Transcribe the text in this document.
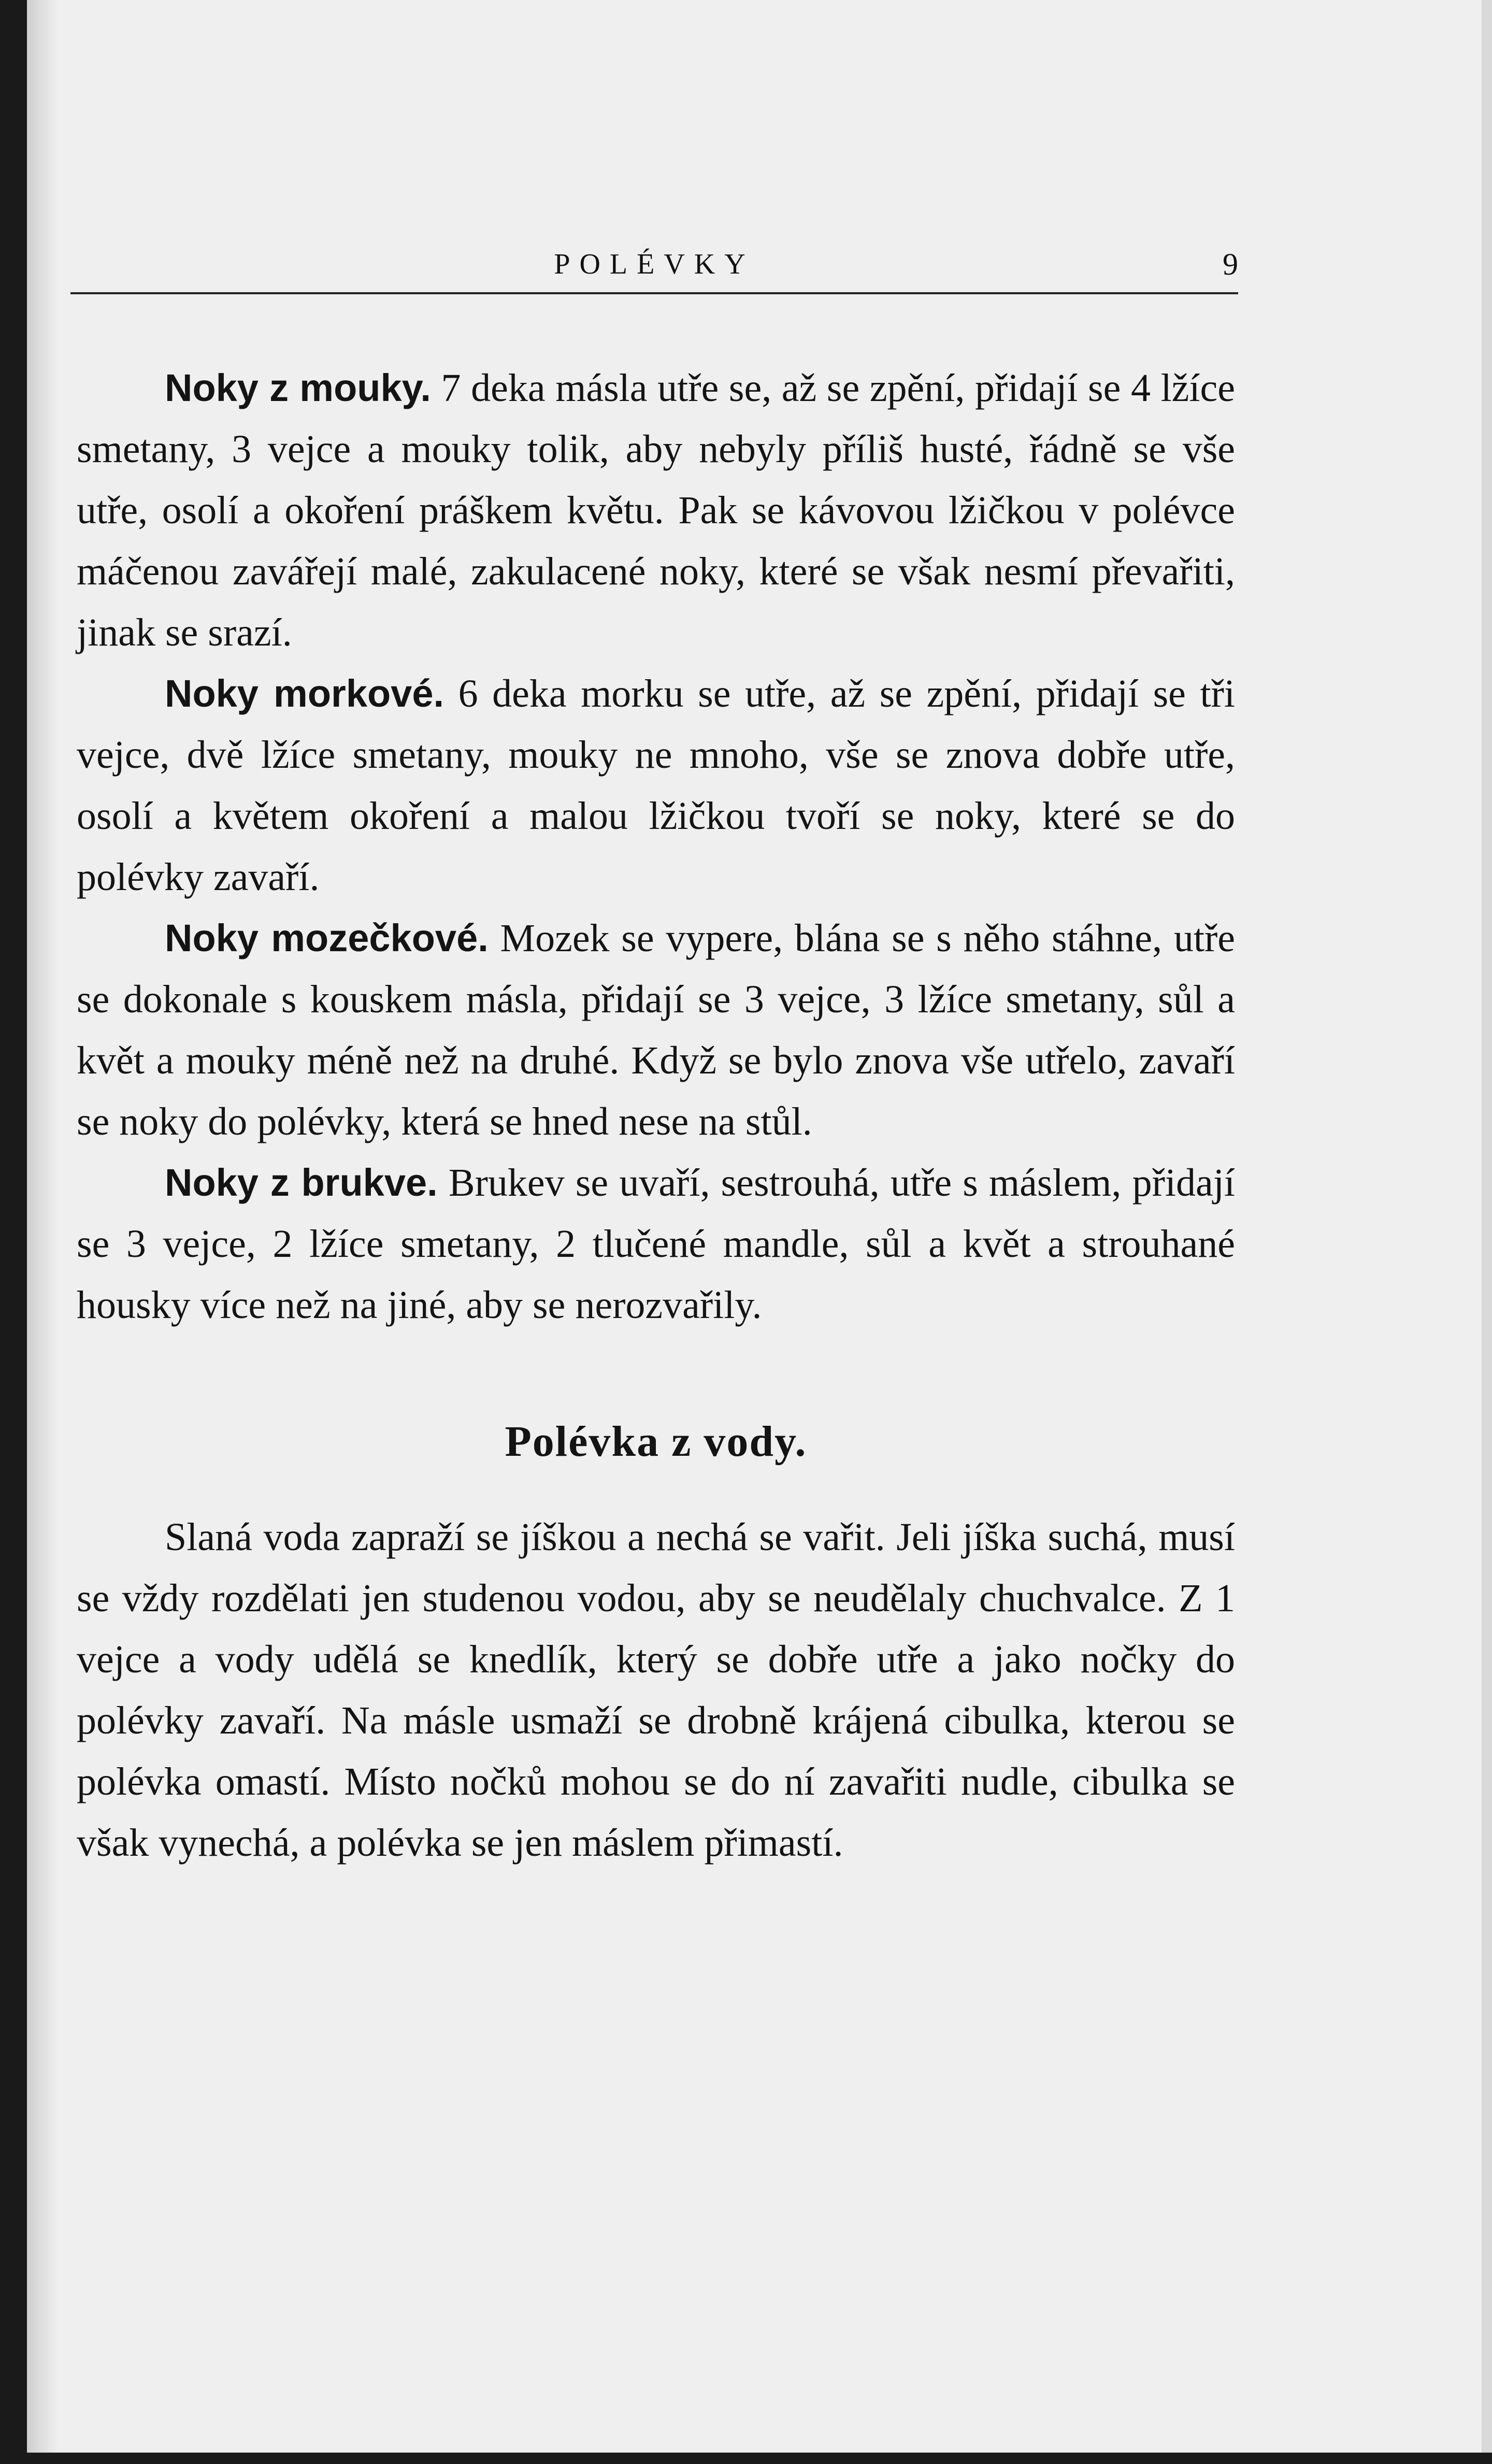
POLÉVKY	9

Noky z mouky. 7 deka másla utře se, až se zpění, přidají se 4 lžíce smetany, 3 vejce a mouky tolik, aby nebyly příliš husté, řádně se vše utře, osolí a okoření práškem květu. Pak se kávovou lžičkou v polévce máčenou zavářejí malé, zakulacené noky, které se však nesmí převařiti, jinak se srazí.

Noky morkové. 6 deka morku se utře, až se zpění, přidají se tři vejce, dvě lžíce smetany, mouky ne mnoho, vše se znova dobře utře, osolí a květem okoření a malou lžičkou tvoří se noky, které se do polévky zavaří.

Noky mozečkové. Mozek se vypere, blána se s něho stáhne, utře se dokonale s kouskem másla, přidají se 3 vejce, 3 lžíce smetany, sůl a květ a mouky méně než na druhé. Když se bylo znova vše utřelo, zavaří se noky do polévky, která se hned nese na stůl.

Noky z brukve. Brukev se uvaří, sestrouhá, utře s máslem, přidají se 3 vejce, 2 lžíce smetany, 2 tlučené mandle, sůl a květ a strouhané housky více než na jiné, aby se nerozvařily.

Polévka z vody.

Slaná voda zapraží se jíškou a nechá se vařit. Jeli jíška suchá, musí se vždy rozdělati jen studenou vodou, aby se neudělaly chuchvalce. Z 1 vejce a vody udělá se knedlík, který se dobře utře a jako nočky do polévky zavaří. Na másle usmaží se drobně krájená cibulka, kterou se polévka omastí. Místo nočků mohou se do ní zavařiti nudle, cibulka se však vynechá, a polévka se jen máslem přimastí.
